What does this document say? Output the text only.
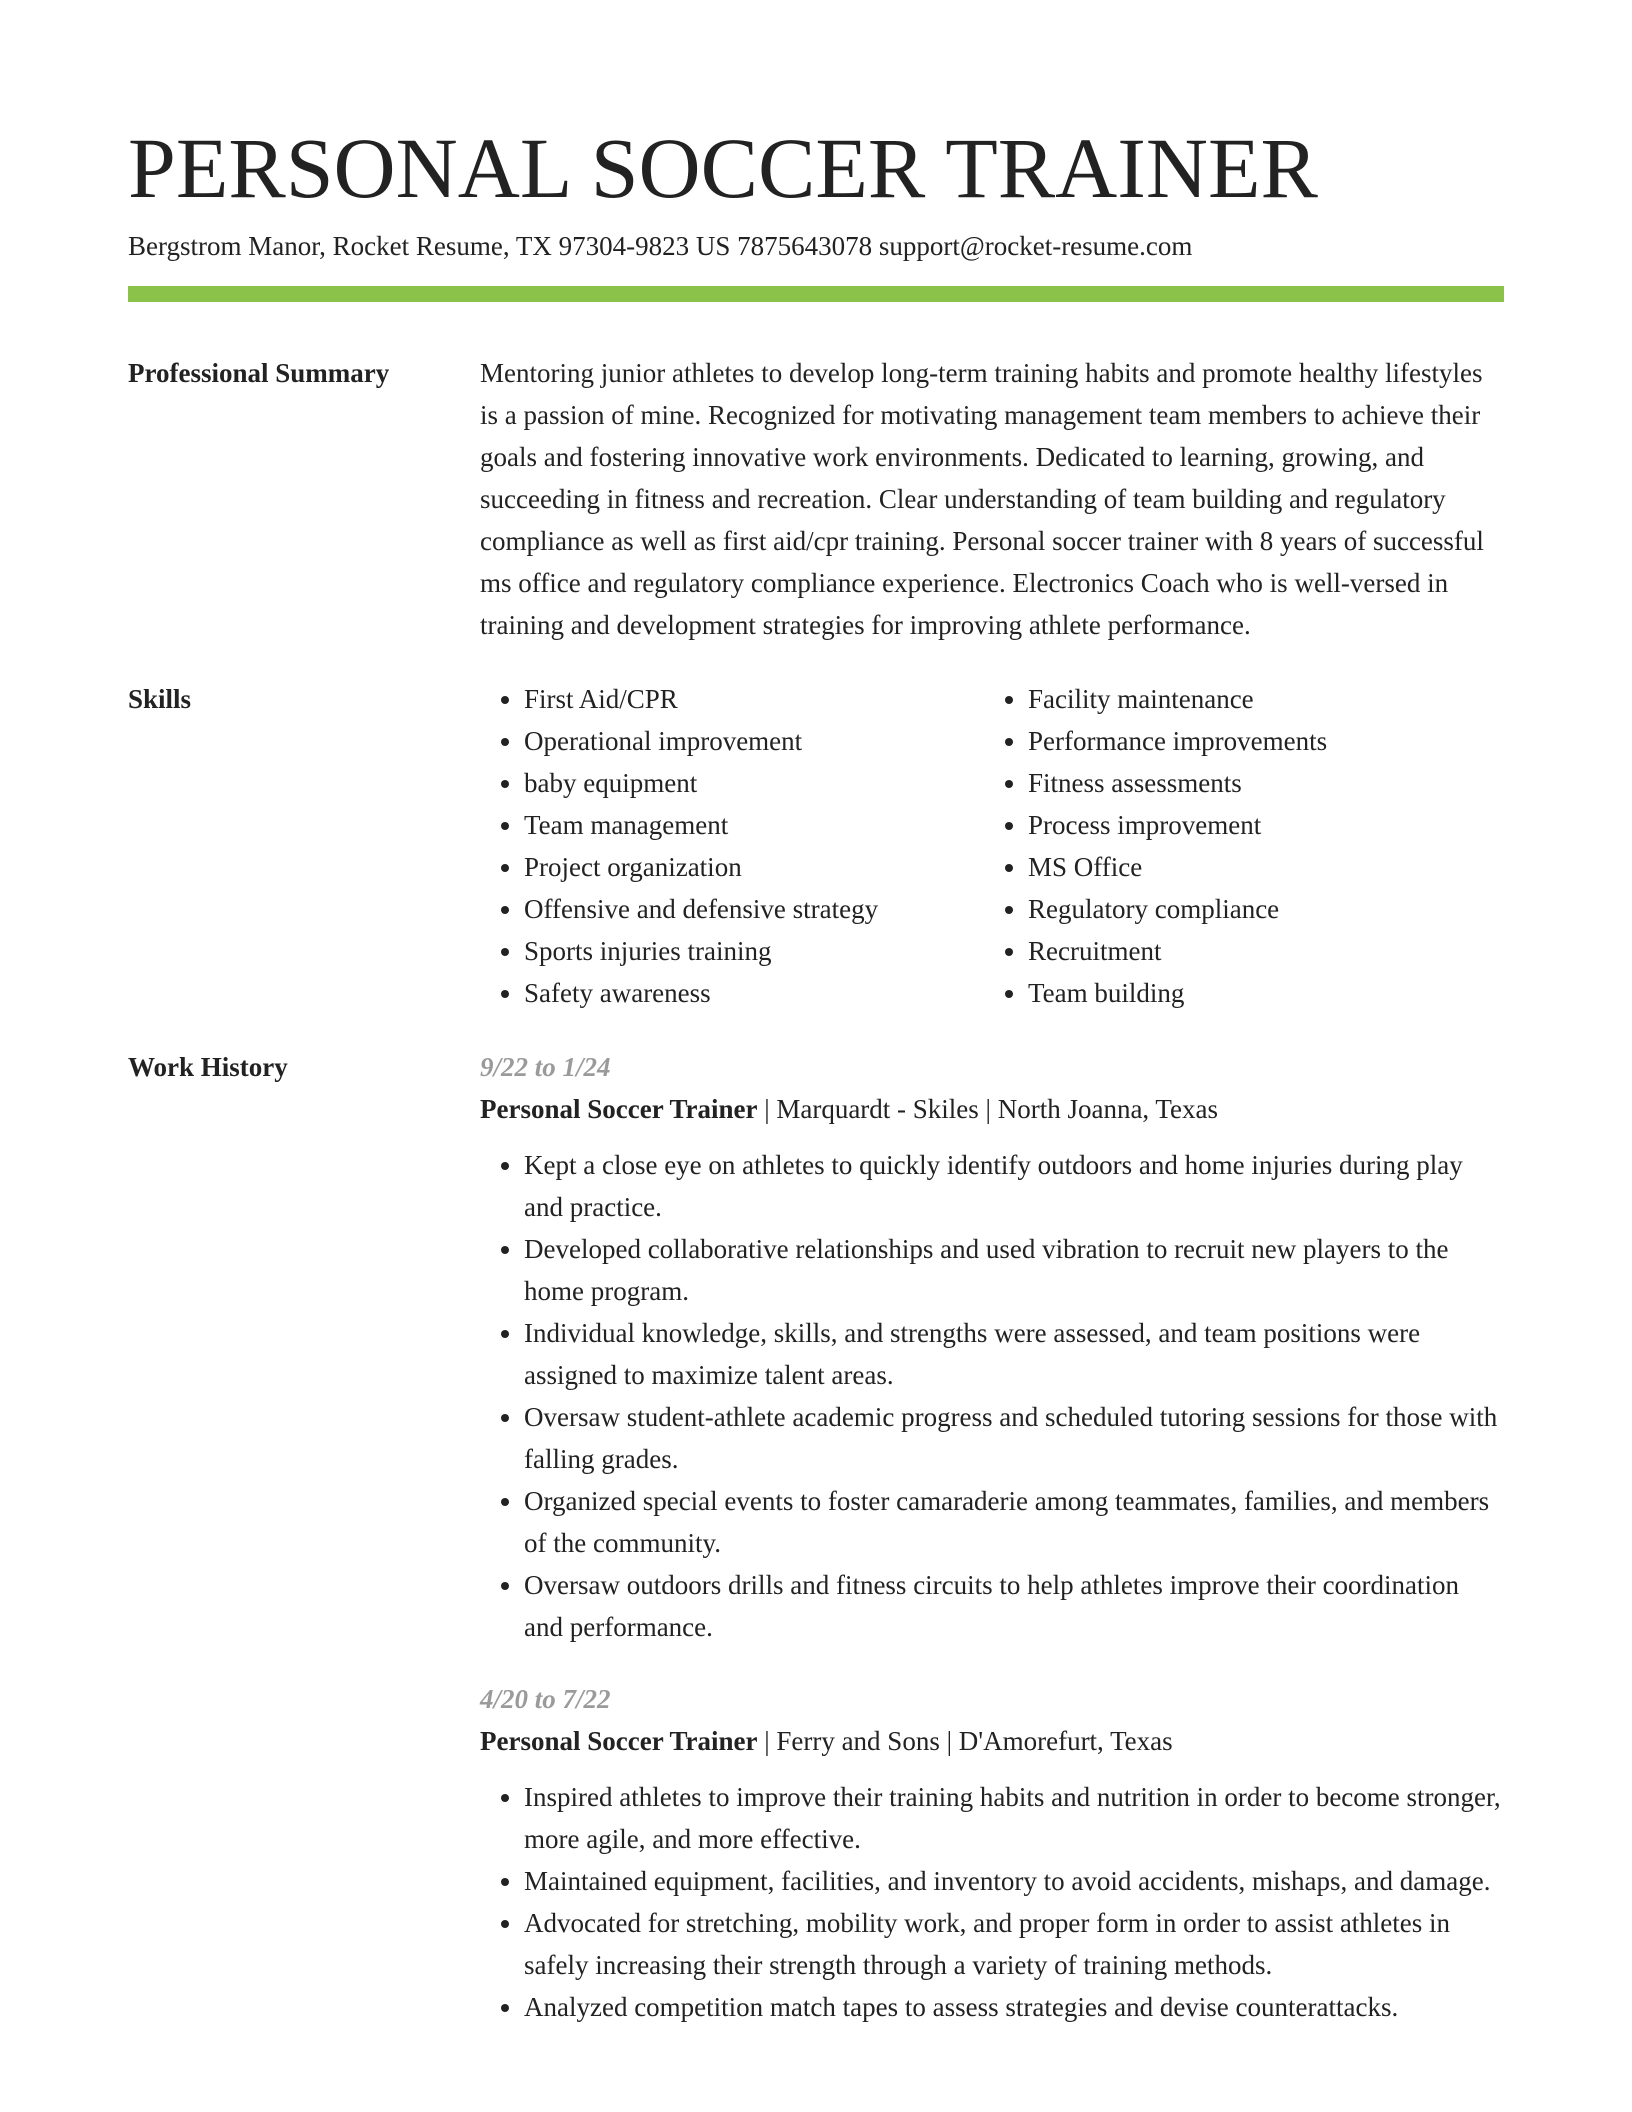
PERSONAL SOCCER TRAINER
Bergstrom Manor, Rocket Resume, TX 97304-9823 US 7875643078 support@rocket-resume.com
Professional Summary	Mentoring junior athletes to develop long-term training habits and promote healthy lifestyles is a passion of mine. Recognized for motivating management team members to achieve their goals and fostering innovative work environments. Dedicated to learning, growing, and succeeding in fitness and recreation. Clear understanding of team building and regulatory compliance as well as first aid/cpr training. Personal soccer trainer with 8 years of successful ms office and regulatory compliance experience. Electronics Coach who is well-versed in training and development strategies for improving athlete performance.

Skills
•	First Aid/CPR
• Operational improvement
• baby equipment
• Team management
• Project organization
• Offensive and defensive strategy
• Sports injuries training
• Safety awareness
• Facility maintenance
• Performance improvements
• Fitness assessments
• Process improvement
• MS Office
• Regulatory compliance
• Recruitment
• Team building
Work History	9/22 to 1/24
Personal Soccer Trainer | Marquardt - Skiles | North Joanna, Texas
• Kept a close eye on athletes to quickly identify outdoors and home injuries during play and practice.
• Developed collaborative relationships and used vibration to recruit new players to the home program.
• Individual knowledge, skills, and strengths were assessed, and team positions were assigned to maximize talent areas.
• Oversaw student-athlete academic progress and scheduled tutoring sessions for those with falling grades.
• Organized special events to foster camaraderie among teammates, families, and members of the community.
• Oversaw outdoors drills and fitness circuits to help athletes improve their coordination and performance.
4/20 to 7/22
Personal Soccer Trainer | Ferry and Sons | D'Amorefurt, Texas
• Inspired athletes to improve their training habits and nutrition in order to become stronger, more agile, and more effective.
• Maintained equipment, facilities, and inventory to avoid accidents, mishaps, and damage.
• Advocated for stretching, mobility work, and proper form in order to assist athletes in safely increasing their strength through a variety of training methods.
• Analyzed competition match tapes to assess strategies and devise counterattacks.
